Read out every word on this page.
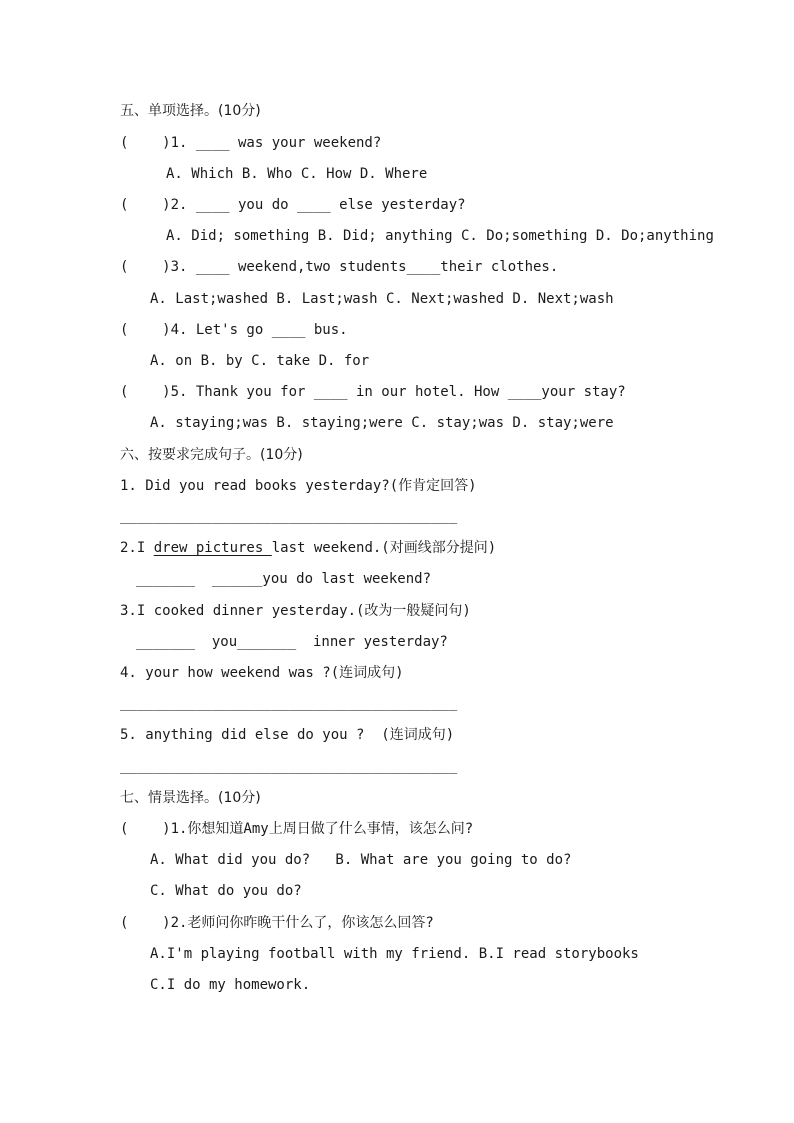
五、单项选择。(10分)
(    )1. ____ was your weekend?
A. Which B. Who C. How D. Where
(    )2. ____ you do ____ else yesterday?
A. Did; something B. Did; anything C. Do;something D. Do;anything
(    )3. ____ weekend,two students____their clothes.
A. Last;washed B. Last;wash C. Next;washed D. Next;wash
(    )4. Let's go ____ bus.
A. on B. by C. take D. for
(    )5. Thank you for ____ in our hotel. How ____your stay?
A. staying;was B. staying;were C. stay;was D. stay;were
六、按要求完成句子。(10分)
1. Did you read books yesterday?(作肯定回答)
________________________________________
2.I drew pictures last weekend.(对画线部分提问)
_______  ______you do last weekend?
3.I cooked dinner yesterday.(改为一般疑问句)
_______  you_______  inner yesterday?
4. your how weekend was ?(连词成句)
________________________________________
5. anything did else do you ?  (连词成句)
________________________________________
七、情景选择。(10分)
(    )1.你想知道Amy上周日做了什么事情，该怎么问?
A. What did you do?   B. What are you going to do?
C. What do you do?
(    )2.老师问你昨晚干什么了，你该怎么回答?
A.I'm playing football with my friend. B.I read storybooks
C.I do my homework.
